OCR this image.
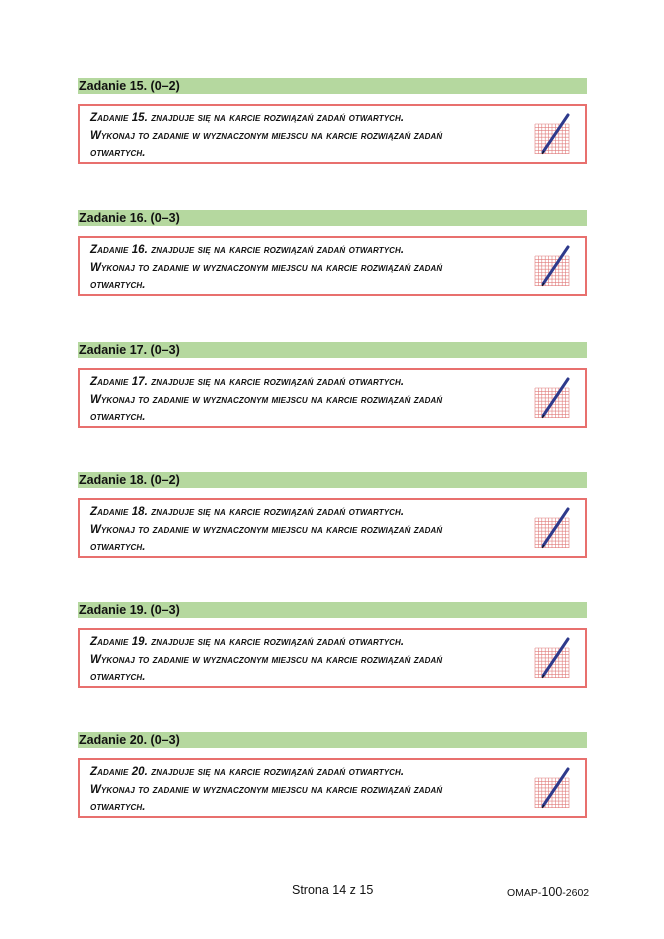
Zadanie 15. (0–2)
Zadanie 15. znajduje się na karcie rozwiązań zadań otwartych.
Wykonaj to zadanie w wyznaczonym miejscu na karcie rozwiązań zadań
otwartych.
Zadanie 16. (0–3)
Zadanie 16. znajduje się na karcie rozwiązań zadań otwartych.
Wykonaj to zadanie w wyznaczonym miejscu na karcie rozwiązań zadań
otwartych.
Zadanie 17. (0–3)
Zadanie 17. znajduje się na karcie rozwiązań zadań otwartych.
Wykonaj to zadanie w wyznaczonym miejscu na karcie rozwiązań zadań
otwartych.
Zadanie 18. (0–2)
Zadanie 18. znajduje się na karcie rozwiązań zadań otwartych.
Wykonaj to zadanie w wyznaczonym miejscu na karcie rozwiązań zadań
otwartych.
Zadanie 19. (0–3)
Zadanie 19. znajduje się na karcie rozwiązań zadań otwartych.
Wykonaj to zadanie w wyznaczonym miejscu na karcie rozwiązań zadań
otwartych.
Zadanie 20. (0–3)
Zadanie 20. znajduje się na karcie rozwiązań zadań otwartych.
Wykonaj to zadanie w wyznaczonym miejscu na karcie rozwiązań zadań
otwartych.
Strona 14 z 15	OMAP-100-2602
